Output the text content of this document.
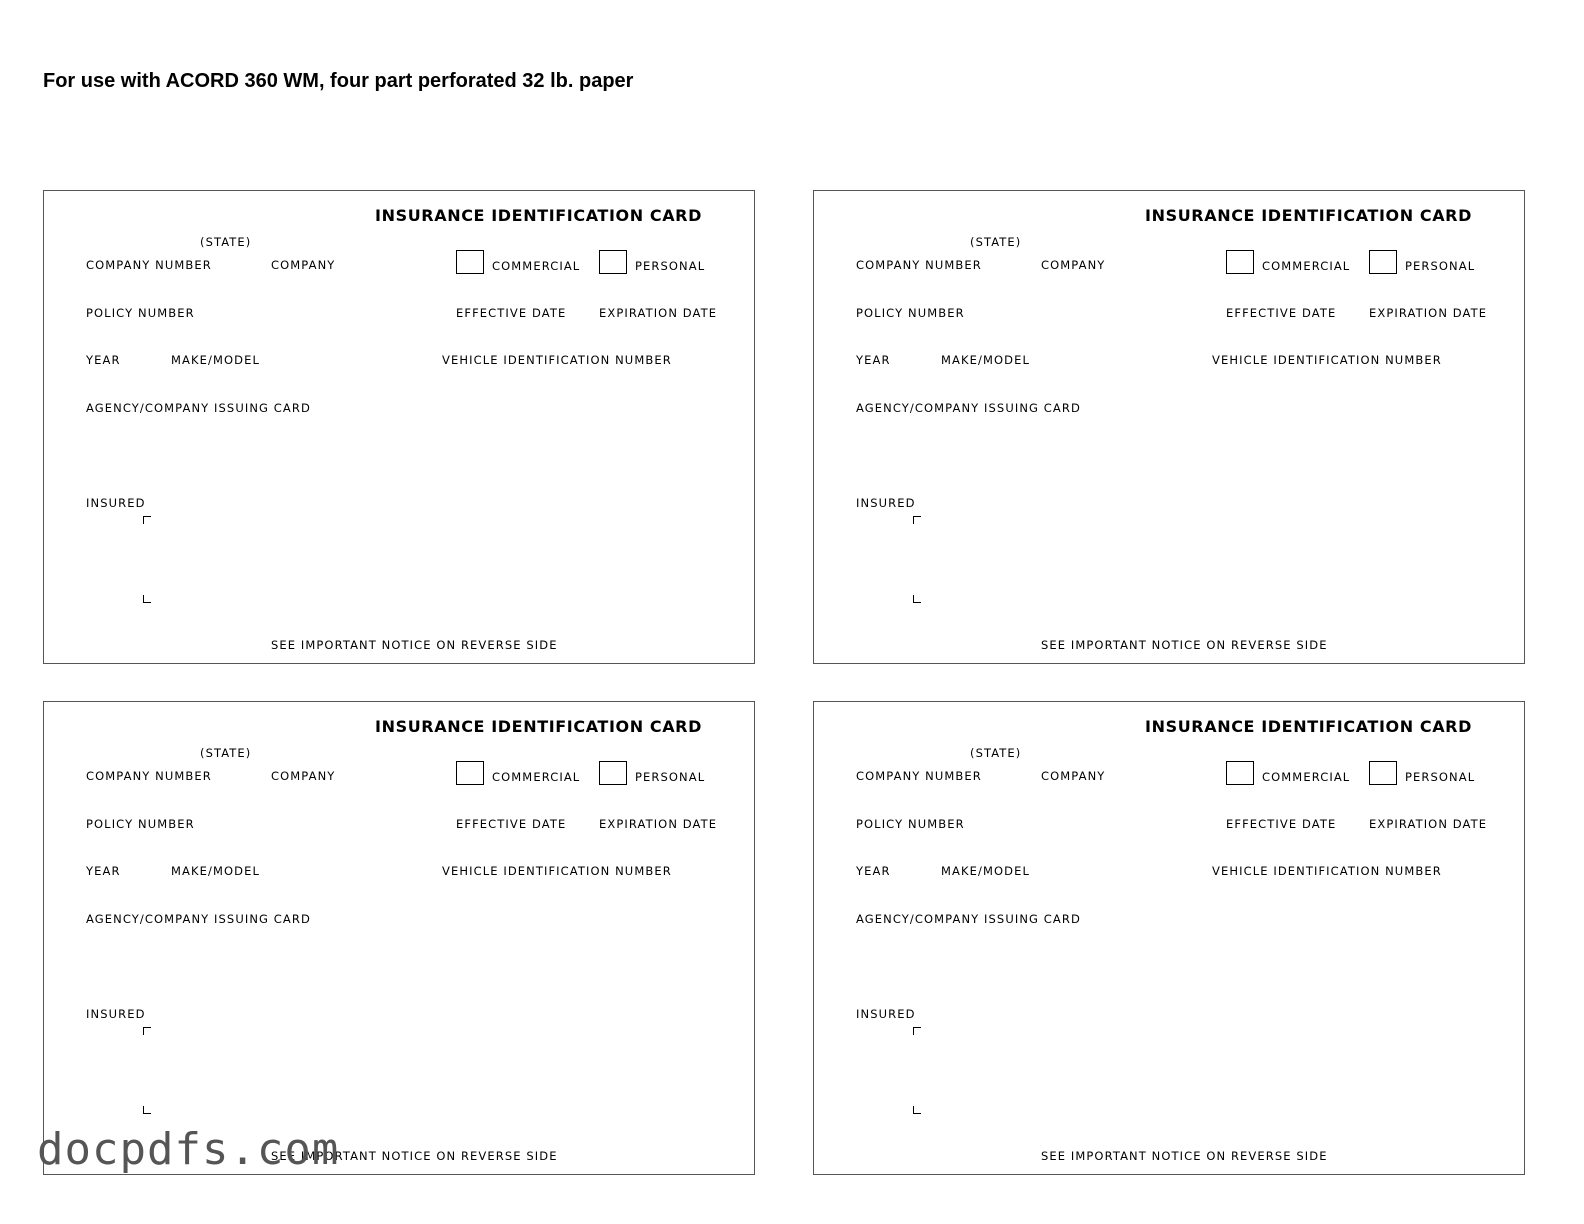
For use with ACORD 360 WM, four part perforated 32 lb. paper
INSURANCE IDENTIFICATION CARD
(STATE)
COMPANY NUMBER	COMPANY	COMMERCIAL	PERSONAL
POLICY NUMBER	EFFECTIVE DATE	EXPIRATION DATE
YEAR	MAKE/MODEL	VEHICLE IDENTIFICATION NUMBER
AGENCY/COMPANY ISSUING CARD
INSURED
SEE IMPORTANT NOTICE ON REVERSE SIDE
INSURANCE IDENTIFICATION CARD
(STATE)
COMPANY NUMBER	COMPANY	COMMERCIAL	PERSONAL
POLICY NUMBER	EFFECTIVE DATE	EXPIRATION DATE
YEAR	MAKE/MODEL	VEHICLE IDENTIFICATION NUMBER
AGENCY/COMPANY ISSUING CARD
INSURED
SEE IMPORTANT NOTICE ON REVERSE SIDE
INSURANCE IDENTIFICATION CARD
(STATE)
COMPANY NUMBER	COMPANY	COMMERCIAL	PERSONAL
POLICY NUMBER	EFFECTIVE DATE	EXPIRATION DATE
YEAR	MAKE/MODEL	VEHICLE IDENTIFICATION NUMBER
AGENCY/COMPANY ISSUING CARD
INSURED
SEE IMPORTANT NOTICE ON REVERSE SIDE
INSURANCE IDENTIFICATION CARD
(STATE)
COMPANY NUMBER	COMPANY	COMMERCIAL	PERSONAL
POLICY NUMBER	EFFECTIVE DATE	EXPIRATION DATE
YEAR	MAKE/MODEL	VEHICLE IDENTIFICATION NUMBER
AGENCY/COMPANY ISSUING CARD
INSURED
SEE IMPORTANT NOTICE ON REVERSE SIDE
docpdfs.com
